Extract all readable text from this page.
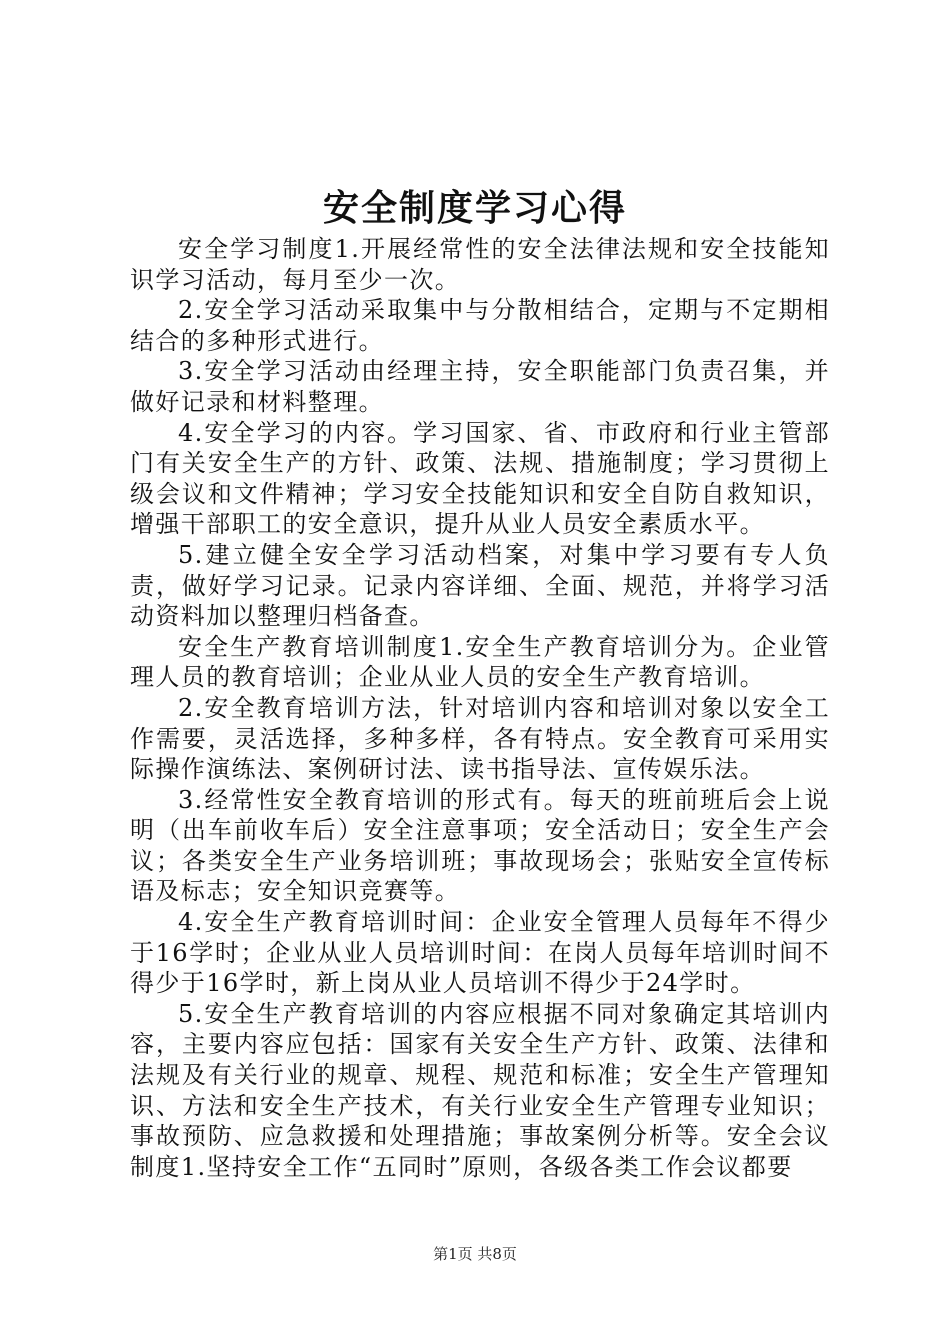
安全制度学习心得

安全学习制度1.开展经常性的安全法律法规和安全技能知识学习活动，每月至少一次。

2.安全学习活动采取集中与分散相结合，定期与不定期相结合的多种形式进行。

3.安全学习活动由经理主持，安全职能部门负责召集，并做好记录和材料整理。

4.安全学习的内容。学习国家、省、市政府和行业主管部门有关安全生产的方针、政策、法规、措施制度；学习贯彻上级会议和文件精神；学习安全技能知识和安全自防自救知识，增强干部职工的安全意识，提升从业人员安全素质水平。

5.建立健全安全学习活动档案，对集中学习要有专人负责，做好学习记录。记录内容详细、全面、规范，并将学习活动资料加以整理归档备查。

安全生产教育培训制度1.安全生产教育培训分为。企业管理人员的教育培训；企业从业人员的安全生产教育培训。

2.安全教育培训方法，针对培训内容和培训对象以安全工作需要，灵活选择，多种多样，各有特点。安全教育可采用实际操作演练法、案例研讨法、读书指导法、宣传娱乐法。

3.经常性安全教育培训的形式有。每天的班前班后会上说明（出车前收车后）安全注意事项；安全活动日；安全生产会议；各类安全生产业务培训班；事故现场会；张贴安全宣传标语及标志；安全知识竞赛等。

4.安全生产教育培训时间：企业安全管理人员每年不得少于16学时；企业从业人员培训时间：在岗人员每年培训时间不得少于16学时，新上岗从业人员培训不得少于24学时。

5.安全生产教育培训的内容应根据不同对象确定其培训内容，主要内容应包括：国家有关安全生产方针、政策、法律和法规及有关行业的规章、规程、规范和标准；安全生产管理知识、方法和安全生产技术，有关行业安全生产管理专业知识；事故预防、应急救援和处理措施；事故案例分析等。安全会议制度1.坚持安全工作“五同时”原则，各级各类工作会议都要

第1页 共8页
